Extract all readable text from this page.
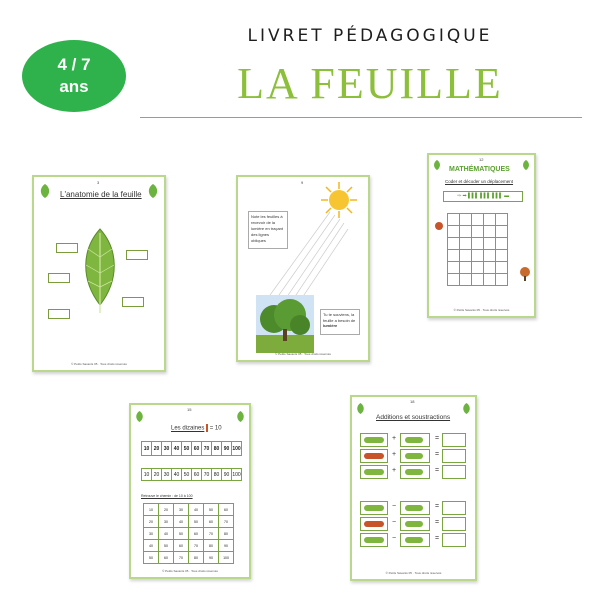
4 / 7
ans
LIVRET PÉDAGOGIQUE
LA FEUILLE
3
L'anatomie de la feuille
© Petits Savants 05 · Tous droits réservés
9
Note les feuilles à recevoir de la lumière en traçant des lignes obliques
Tu te souviens, la feuille a besoin de lumière
© Petits Savants 05 · Tous droits réservés
12
MATHÉMATIQUES
Coder et décoder un déplacement
⇒ ➡ ▌▌▌ ▌▌▌ ▌▌▌ ▬

© Petits Savants 05 · Tous droits réservés
15
Les dizaines = 10
10	20	30	40	50	60	70	80	90	100
10	20	30	40	50	60	70	80	90	100
Retrouve le chemin : de 10 à 100
10	20	30	40	50	60
20	30	40	50	60	70
30	40	50	60	70	80
40	50	60	70	80	90
50	60	70	80	90	100
© Petits Savants 05 · Tous droits réservés
18
Additions et soustractions
+	=
+	=
+	=
−	=
−	=
−	=
© Petits Savants 05 · Tous droits réservés
